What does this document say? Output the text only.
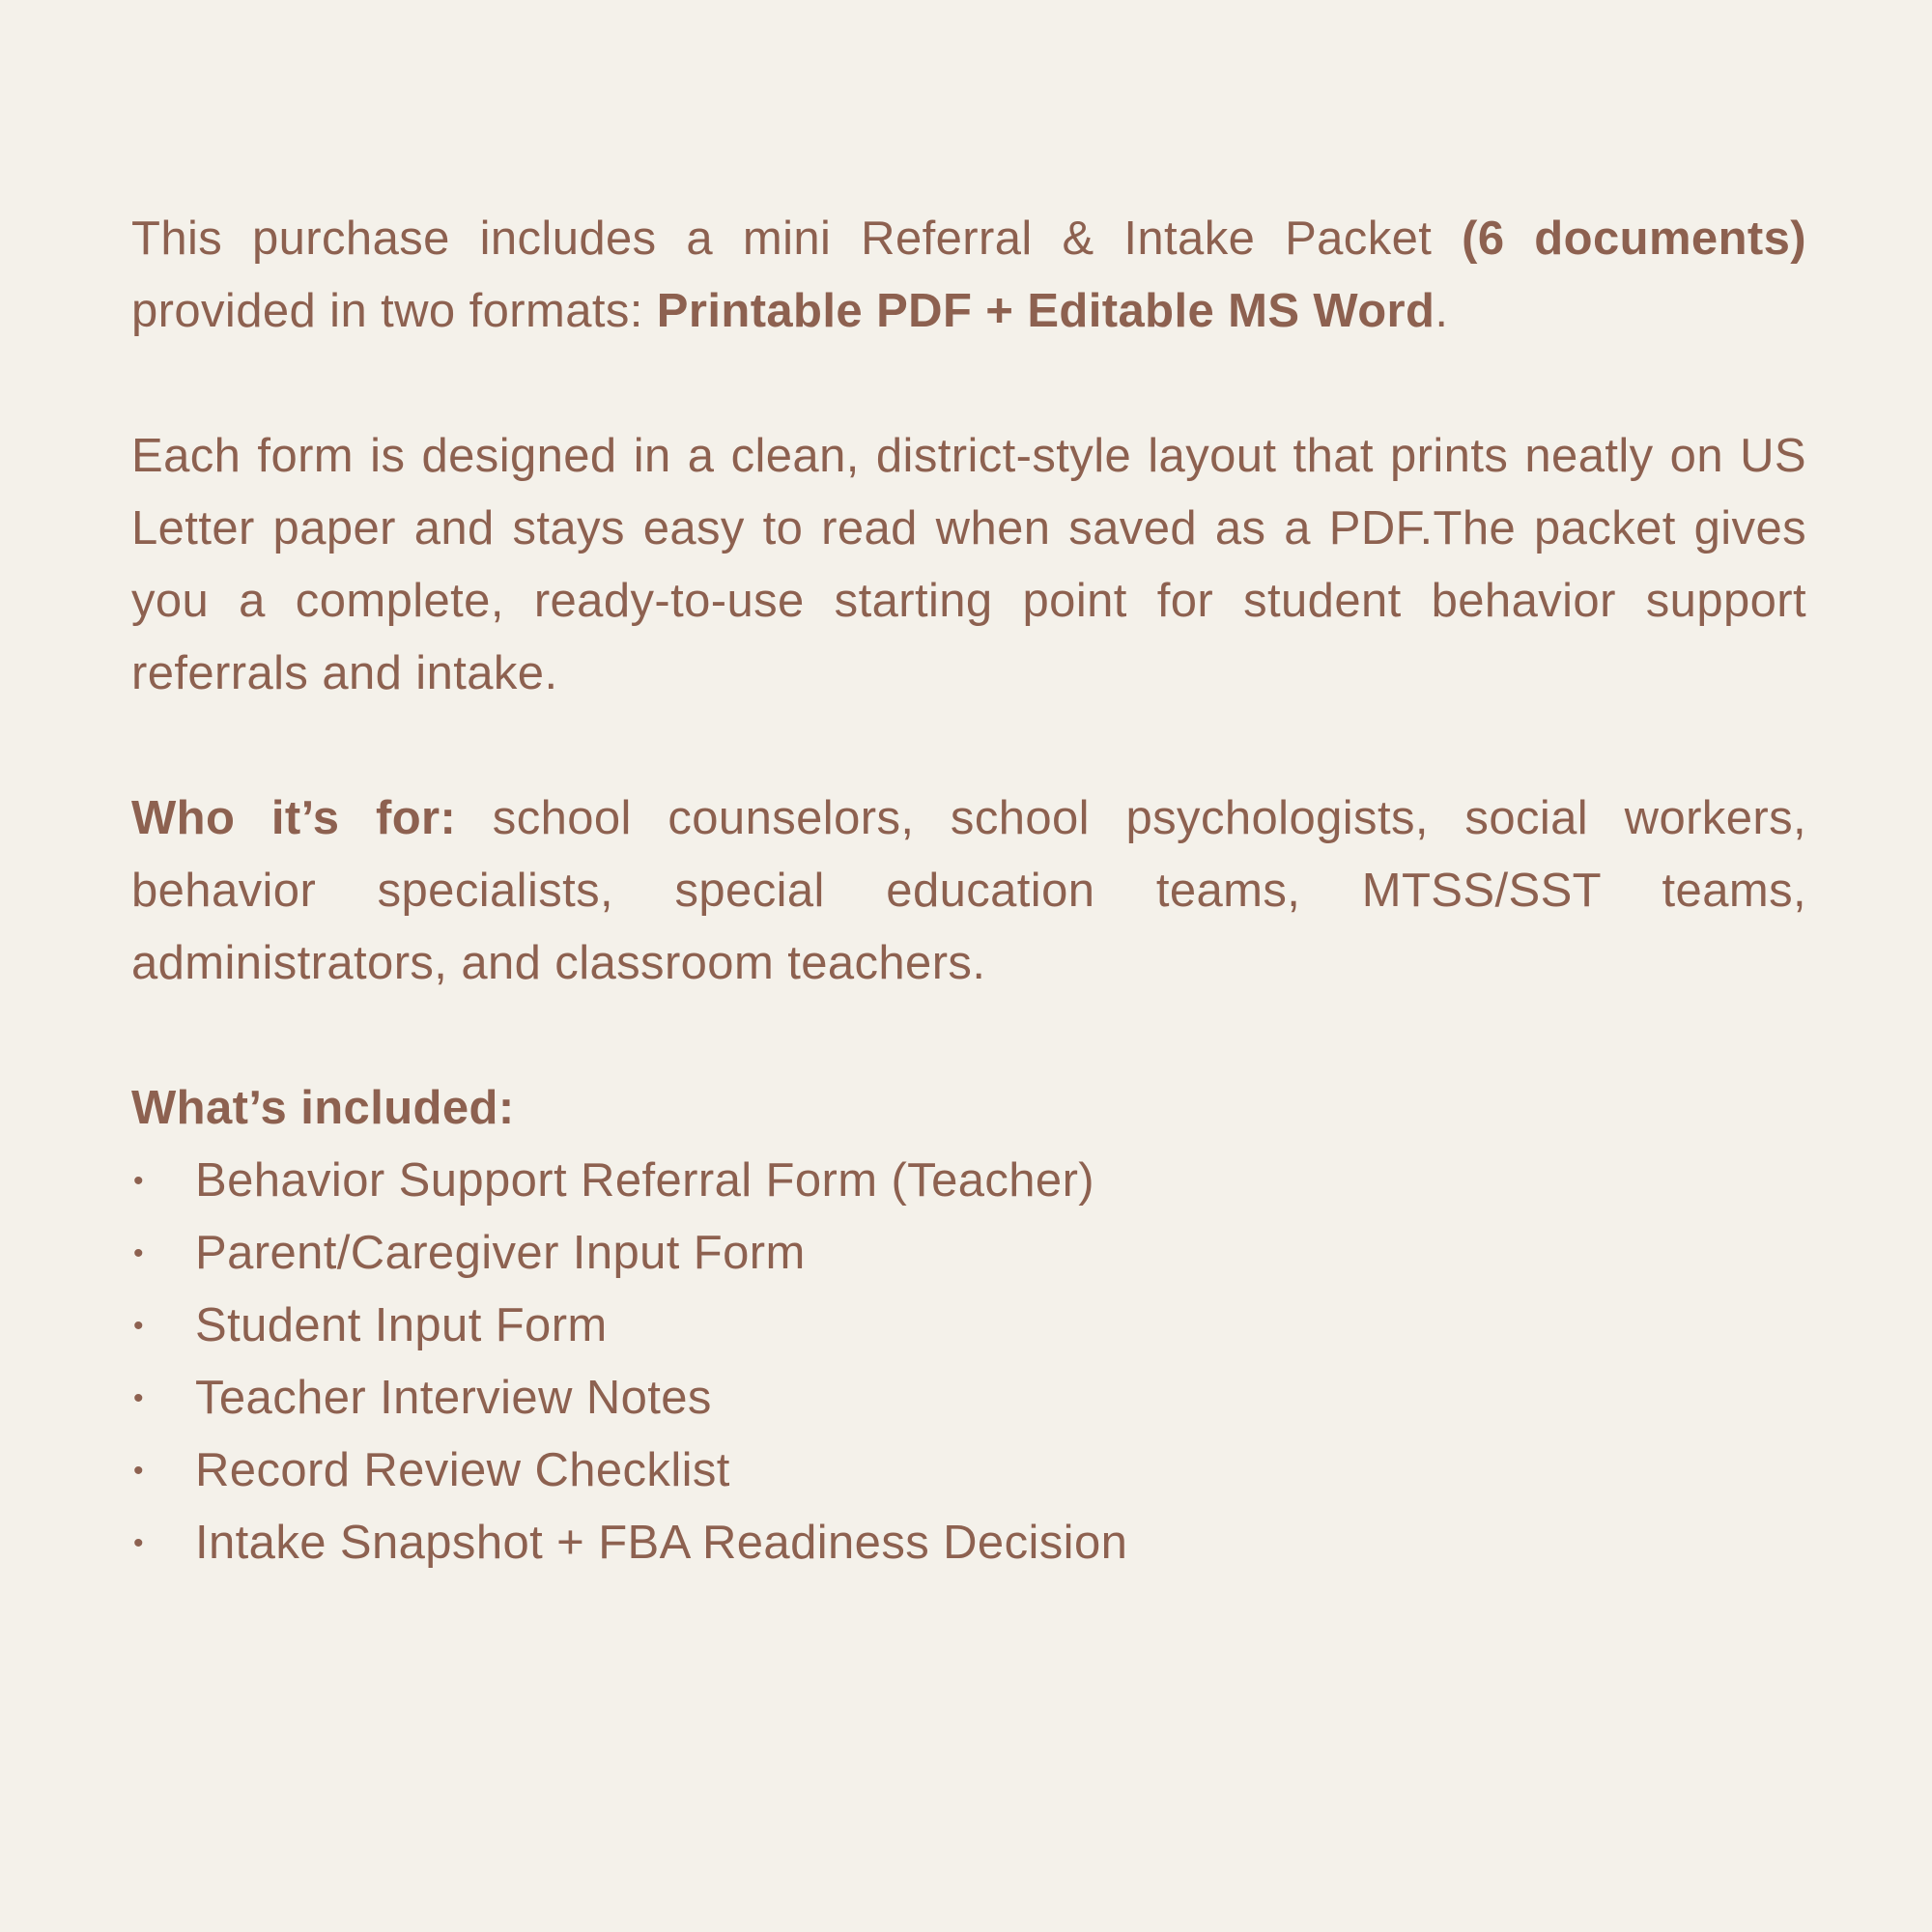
This purchase includes a mini Referral & Intake Packet (6 documents) provided in two formats: Printable PDF + Editable MS Word.

Each form is designed in a clean, district-style layout that prints neatly on US Letter paper and stays easy to read when saved as a PDF.The packet gives you a complete, ready-to-use starting point for student behavior support referrals and intake.

Who it’s for: school counselors, school psychologists, social workers, behavior specialists, special education teams, MTSS/SST teams, administrators, and classroom teachers.

What’s included:

• Behavior Support Referral Form (Teacher)
• Parent/Caregiver Input Form
• Student Input Form
• Teacher Interview Notes
• Record Review Checklist
• Intake Snapshot + FBA Readiness Decision
